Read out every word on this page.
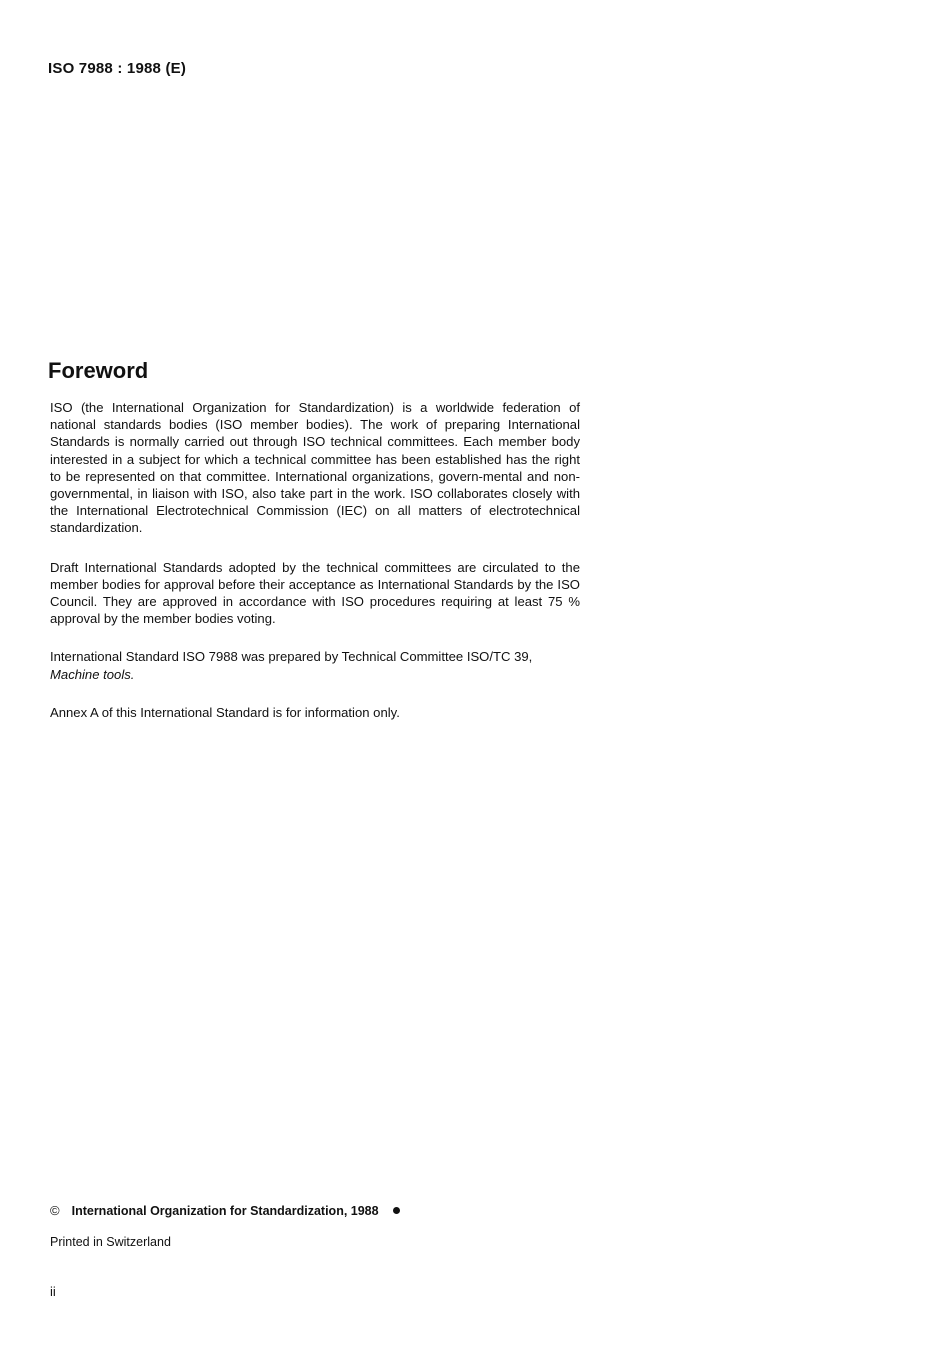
ISO 7988 : 1988 (E)
Foreword

ISO (the International Organization for Standardization) is a worldwide federation of national standards bodies (ISO member bodies). The work of preparing International Standards is normally carried out through ISO technical committees. Each member body interested in a subject for which a technical committee has been established has the right to be represented on that committee. International organizations, govern-mental and non-governmental, in liaison with ISO, also take part in the work. ISO collaborates closely with the International Electrotechnical Commission (IEC) on all matters of electrotechnical standardization.

Draft International Standards adopted by the technical committees are circulated to the member bodies for approval before their acceptance as International Standards by the ISO Council. They are approved in accordance with ISO procedures requiring at least 75 % approval by the member bodies voting.

International Standard ISO 7988 was prepared by Technical Committee ISO/TC 39,
Machine tools.

Annex A of this International Standard is for information only.

© International Organization for Standardization, 1988
Printed in Switzerland
ii
